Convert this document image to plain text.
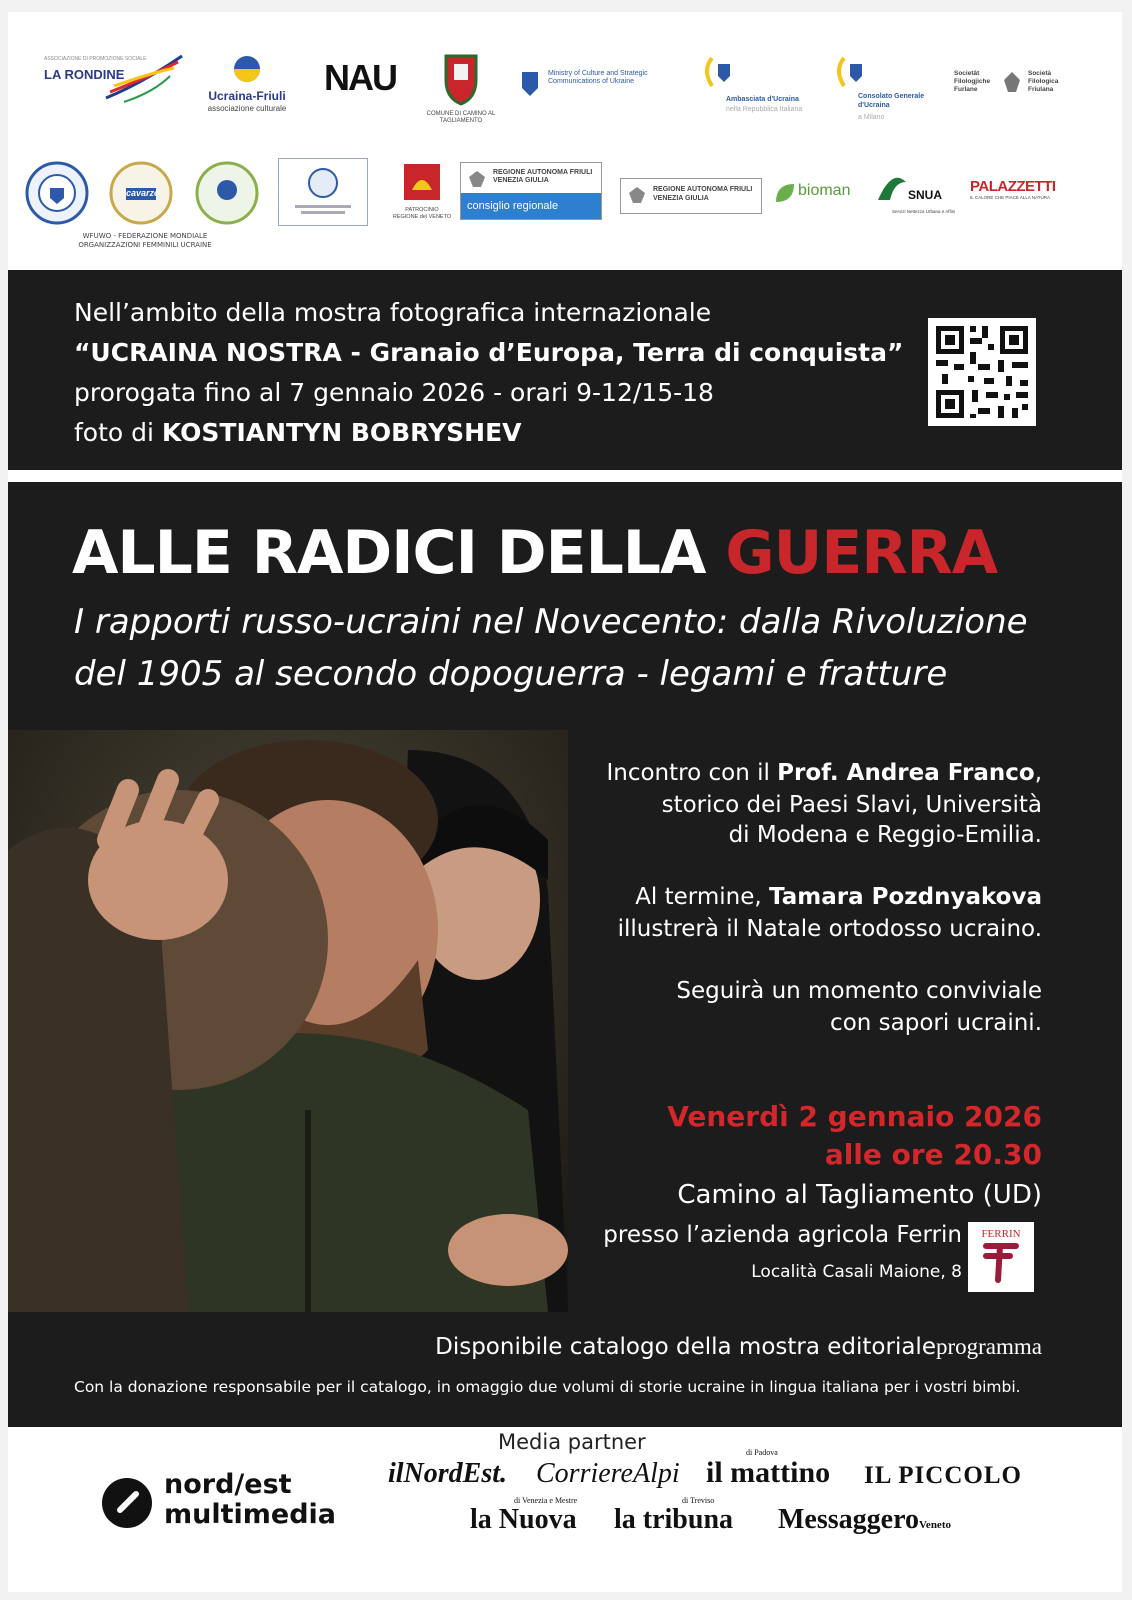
ASSOCIAZIONE DI PROMOZIONE SOCIALE
LA RONDINE
Ucraina-Friuli
associazione culturale
NAU
COMUNE DI CAMINO AL TAGLIAMENTO
Ministry of Culture and Strategic Communications of Ukraine
Ambasciata d'Ucraina
nella Repubblica Italiana
Consolato Generale d'Ucraina
a Milano
Societât Filologjiche Furlane
Società Filologica Friulana
cavarzo
WFUWO - FEDERAZIONE MONDIALE ORGANIZZAZIONI FEMMINILI UCRAINE
PATROCINIO REGIONE del VENETO
REGIONE AUTONOMA FRIULI VENEZIA GIULIA
consiglio regionale
REGIONE AUTONOMA FRIULI VENEZIA GIULIA	bioman	SNUA
Servizi Nettezza Urbana e Affini
PALAZZETTI
IL CALORE CHE PIACE ALLA NATURA
Nell’ambito della mostra fotografica internazionale
“UCRAINA NOSTRA - Granaio d’Europa, Terra di conquista”
prorogata fino al 7 gennaio 2026 - orari 9-12/15-18
foto di KOSTIANTYN BOBRYSHEV
ALLE RADICI DELLA GUERRA
I rapporti russo-ucraini nel Novecento: dalla Rivoluzione
del 1905 al secondo dopoguerra - legami e fratture
Incontro con il Prof. Andrea Franco,
storico dei Paesi Slavi, Università
di Modena e Reggio-Emilia.
Al termine, Tamara Pozdnyakova
illustrerà il Natale ortodosso ucraino.
Seguirà un momento conviviale
con sapori ucraini.
Venerdì 2 gennaio 2026
alle ore 20.30
Camino al Tagliamento (UD)
presso l’azienda agricola Ferrin
Località Casali Maione, 8
FERRIN
Disponibile catalogo della mostra editorialeprogramma
Con la donazione responsabile per il catalogo, in omaggio due volumi di storie ucraine in lingua italiana per i vostri bimbi.
Media partner
nord/est
multimedia
ilNordEst. CorriereAlpi
di Padova
il mattino IL PICCOLO
di Venezia e Mestre
la Nuova
di Treviso
la tribuna MessaggeroVeneto
